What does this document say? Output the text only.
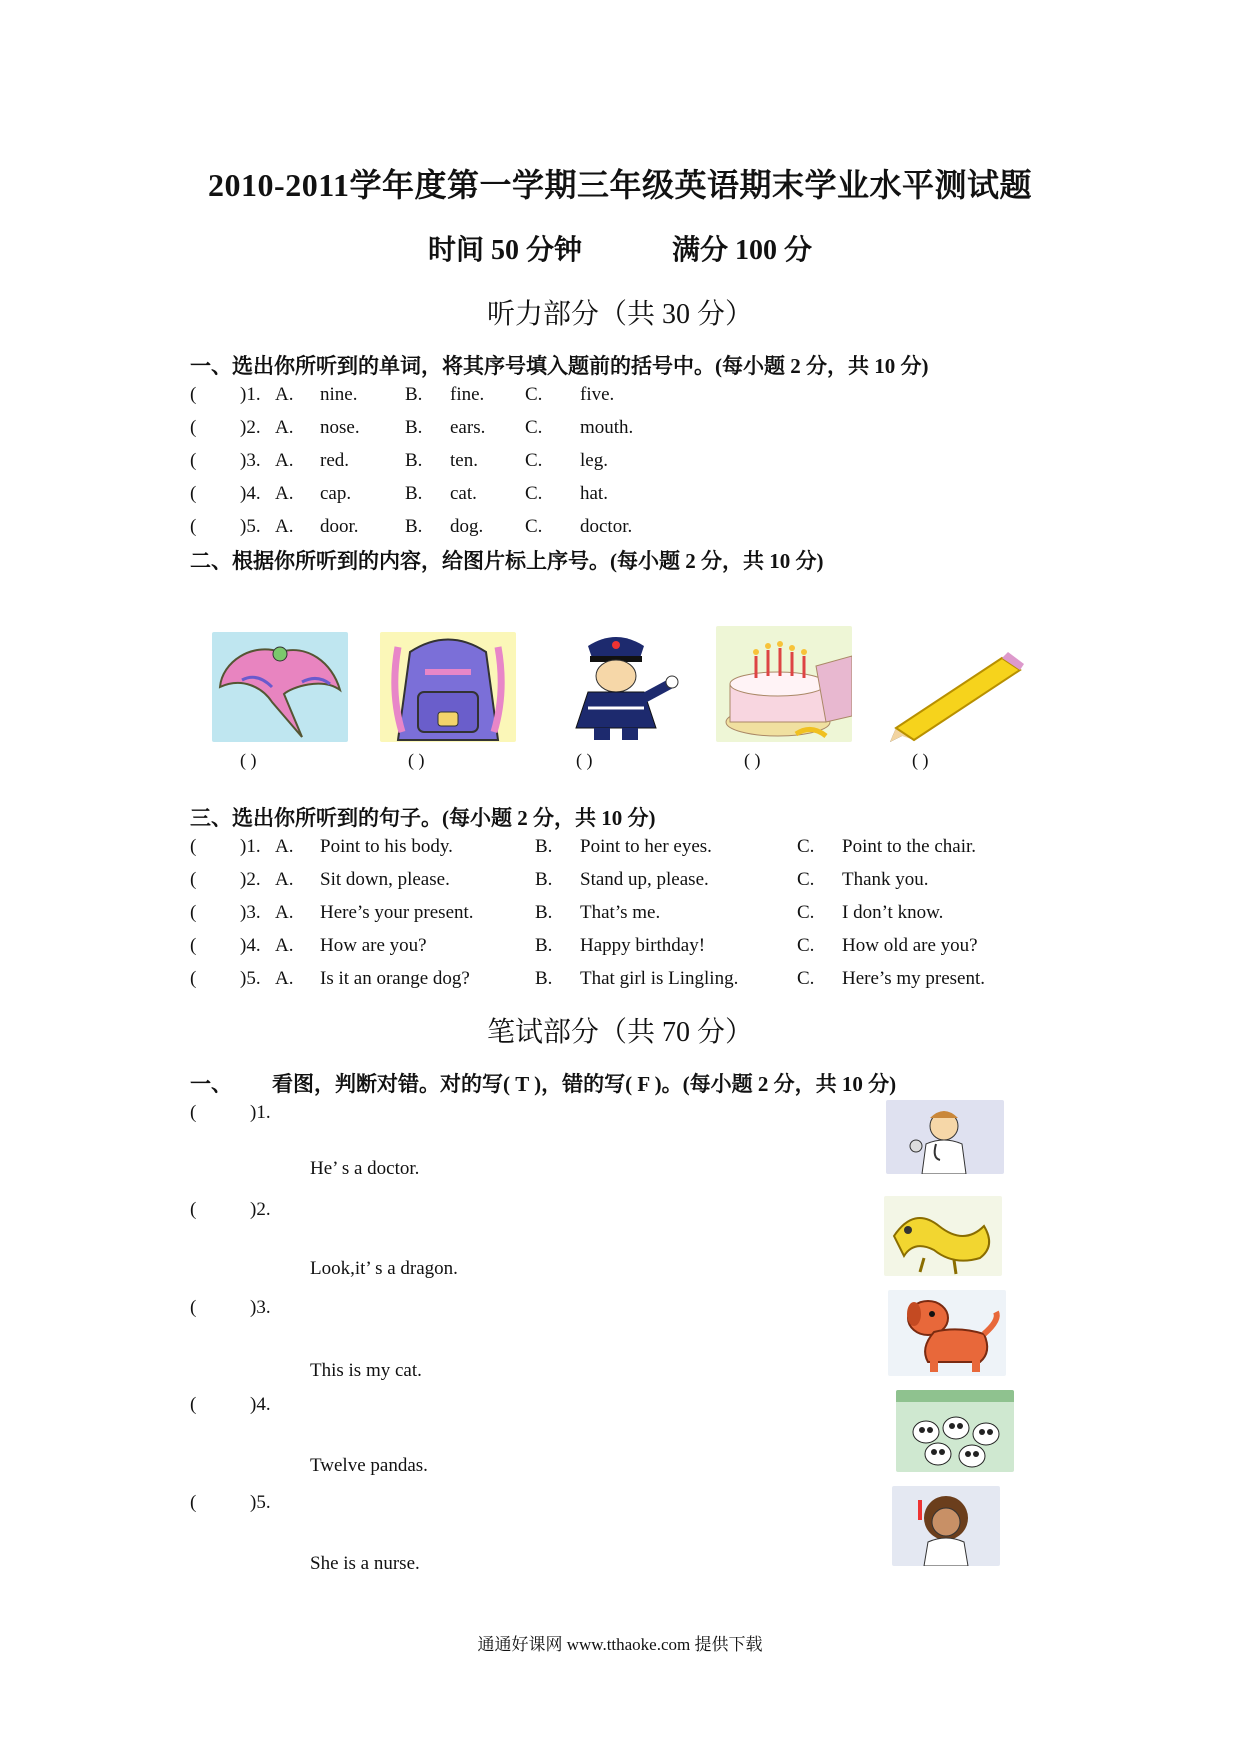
2010-2011学年度第一学期三年级英语期末学业水平测试题
时间 50 分钟	满分 100 分
听力部分（共 30 分）
一、选出你所听到的单词，将其序号填入题前的括号中。(每小题 2 分，共 10 分)
( )1. A. nine.	B. fine. C. five.
( )2. A. nose. B. ears. C. mouth.
( )3. A. red.	B. ten. C. leg.
( )4. A. cap.	B. cat.	C. hat.
( )5. A. door. B. dog. C. doctor.
二、根据你所听到的内容，给图片标上序号。(每小题 2 分，共 10 分)
( )	( )	( )	( )	( )
三、选出你所听到的句子。(每小题 2 分，共 10 分)
( )1. A. Point to his body.	B. Point to her eyes.	C. Point to the chair.
( )2. A. Sit down, please.	B. Stand up, please.	C. Thank you.
( )3. A. Here’s your present.	B. That’s me.	C. I don’t know.
( )4. A. How are you?	B. Happy birthday!	C. How old are you?
( )5. A. Is it an orange dog?	B. That girl is Lingling.	C. Here’s my present.
笔试部分（共 70 分）
一、 看图，判断对错。对的写( T )，错的写( F )。(每小题 2 分，共 10 分)
(	)1.
He’ s a doctor.
(	)2.
Look,it’ s a dragon.
(	)3.
This is my cat.
(	)4.
Twelve pandas.
(	)5.
She is a nurse.
通通好课网 www.tthaoke.com 提供下载
